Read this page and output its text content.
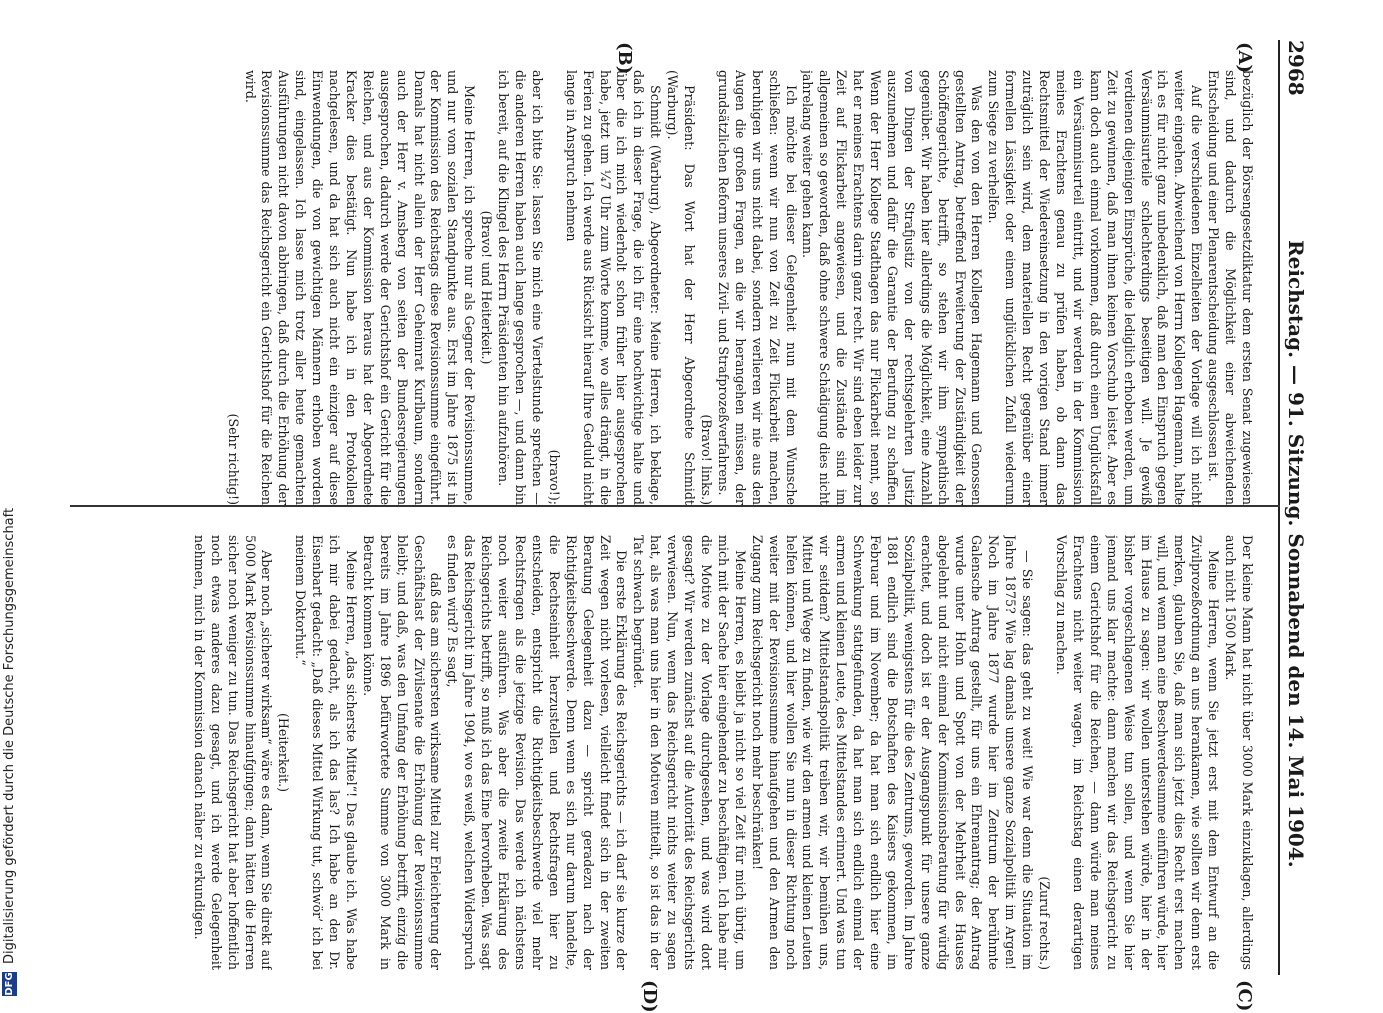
DFG
Digitalisierung gefördert durch die Deutsche Forschungsgemeinschaft
2968
Reichstag. — 91. Sitzung. Sonnabend den 14. Mai 1904.
(A)
(B)
(C)
(D)

bezüglich der Börsengesetzdiktatur dem ersten Senat zugewiesen sind, und dadurch die Möglichkeit einer abweichenden Entscheidung und einer Plenarentscheidung ausgeschlossen ist.

Auf die verschiedenen Einzelheiten der Vorlage will ich nicht weiter eingehen. Abweichend von Herrn Kollegen Hagemann, halte ich es für nicht ganz unbedenklich, daß man den Einspruch gegen Versäumnisurteile schlechterdings beseitigen will. Je gewiß verdienen diejenigen Einsprüche, die lediglich erhoben werden, um Zeit zu gewinnen, daß man ihnen keinen Vorschub leistet. Aber es kann doch auch einmal vorkommen, daß durch einen Unglücksfall ein Versäumnisurteil eintritt, und wir werden in der Kommission meines Erachtens genau zu prüfen haben, ob dann das Rechtsmittel der Wiedereinsetzung in den vorigen Stand immer zuträglich sein wird, dem materiellen Recht gegenüber einer formellen Lässigkeit oder einem unglücklichen Zufall wiederum zum Siege zu verhelfen.

Was den von den Herren Kollegen Hagemann und Genossen gestellten Antrag, betreffend Erweiterung der Zuständigkeit der Schöffengerichte, betrifft, so stehen wir ihm sympathisch gegenüber. Wir haben hier allerdings die Möglichkeit, eine Anzahl von Dingen der Strafjustiz von der rechtsgelehrten Justiz auszunehmen und dafür die Garantie der Berufung zu schaffen. Wenn der Herr Kollege Stadthagen das nur Flickarbeit nennt, so hat er meines Erachtens darin ganz recht. Wir sind eben leider zur Zeit auf Flickarbeit angewiesen, und die Zustände sind im allgemeinen so geworden, daß ohne schwere Schädigung dies nicht jahrelang weiter gehen kann.

Ich möchte bei dieser Gelegenheit nun mit dem Wunsche schließen: wenn wir nun von Zeit zu Zeit Flickarbeit machen, beruhigen wir uns nicht dabei, sondern verlieren wir nie aus den Augen die großen Fragen, an die wir herangehen müssen, der grundsätzlichen Reform unseres Zivil- und Strafprozeßverfahrens.

(Bravo! links.)

Präsident: Das Wort hat der Herr Abgeordnete Schmidt (Warburg).

Schmidt (Warburg), Abgeordneter: Meine Herren, ich beklage, daß ich in dieser Frage, die ich für eine hochwichtige halte und über die ich mich wiederholt schon früher hier ausgesprochen habe, jetzt um ¼7 Uhr zum Worte komme, wo alles drängt, in die Ferien zu gehen. Ich werde aus Rücksicht hierauf Ihre Geduld nicht lange in Anspruch nehmen

(bravo!);

aber ich bitte Sie: lassen Sie mich eine Viertelstunde sprechen — die anderen Herren haben auch lange gesprochen —, und dann bin ich bereit, auf die Klingel des Herrn Präsidenten hin aufzuhören.

(Bravo! und Heiterkeit.)

Meine Herren, ich spreche nur als Gegner der Revisionssumme, und nur vom sozialen Standpunkte aus. Erst im Jahre 1875 ist in der Kommission des Reichstags diese Revisionssumme eingeführt. Damals hat nicht allein der Herr Geheimrat Kurlbaum, sondern auch der Herr v. Amsberg von seiten der Bundesregierungen ausgesprochen, dadurch werde der Gerichtshof ein Gericht für die Reichen, und aus der Kommission heraus hat der Abgeordnete Kracker dies bestätigt. Nun habe ich in den Protokollen nachgelesen, und da hat sich auch nicht ein einziger auf diese Einwendungen, die von gewichtigen Männern erhoben worden sind, eingelassen. Ich lasse mich trotz aller heute gemachten Ausführungen nicht davon abbringen, daß durch die Erhöhung der Revisionssumme das Reichsgericht ein Gerichtshof für die Reichen wird.

(Sehr richtig!)

Der kleine Mann hat nicht über 3000 Mark einzuklagen, allerdings auch nicht 1500 Mark.

Meine Herren, wenn Sie jetzt erst mit dem Entwurf an die Zivilprozeßordnung an uns herankamen, wie sollten wir denn erst merken, glauben Sie, daß man sich jetzt dies Recht erst machen will, und wenn man eine Beschwerdesumme einführen würde, hier im Hause zu sagen: wir wollen unterstehen würde, hier in der bisher vorgeschlagenen Weise tun sollen, und wenn Sie hier jemand uns klar machte: dann machen wir das Reichsgericht zu einem Gerichtshof für die Reichen, — dann würde man meines Erachtens nicht weiter wagen, im Reichstag einen derartigen Vorschlag zu machen.

(Zuruf rechts.)

— Sie sagen: das geht zu weit! Wie war denn die Situation im Jahre 1875? Wie lag damals unsere ganze Sozialpolitik im Argen! Noch im Jahre 1877 wurde hier im Zentrum der berühmte Galensche Antrag gestellt, für uns ein Ehrenantrag; der Antrag wurde unter Hohn und Spott von der Mehrheit des Hauses abgelehnt und nicht einmal der Kommissionsberatung für würdig erachtet, und doch ist er der Ausgangspunkt für unsere ganze Sozialpolitik, wenigstens für die des Zentrums, geworden. Im Jahre 1881 endlich sind die Botschaften des Kaisers gekommen, im Februar und im November; da hat man sich endlich hier eine Schwenkung stattgefunden, da hat man sich endlich einmal der armen und kleinen Leute, des Mittelstandes erinnert. Und was tun wir seitdem? Mittelstandspolitik treiben wir, wir bemühen uns, Mittel und Wege zu finden, wie wir den armen und kleinen Leuten helfen können, und hier wollen Sie nun in dieser Richtung noch weiter mit der Revisionssumme hinaufgehen und den Armen den Zugang zum Reichsgericht noch mehr beschränken!

Meine Herren, es bleibt ja nicht so viel Zeit für mich übrig, um mich mit der Sache hier eingehender zu beschäftigen. Ich habe mir die Motive zu der Vorlage durchgesehen, und was wird dort gesagt? Wir werden zunächst auf die Autorität des Reichsgerichts verwiesen. Nun, wenn das Reichsgericht nichts weiter zu sagen hat, als was man uns hier in den Motiven mitteilt, so ist das in der Tat schwach begründet.

Die erste Erklärung des Reichsgerichts — ich darf sie kurze der Zeit wegen nicht vorlesen, vielleicht findet sich in der zweiten Beratung Gelegenheit dazu — spricht geradezu nach der Richtigkeitsbeschwerde. Denn wenn es sich nur darum handelte, die Rechtseinheit herzustellen und Rechtsfragen hier zu entscheiden, entspricht die Richtigkeitsbeschwerde viel mehr Rechtsfragen als die jetzige Revision. Das werde ich nächstens noch weiter ausführen. Was aber die zweite Erklärung des Reichsgerichts betrifft, so muß ich das Eine hervorheben. Was sagt das Reichsgericht im Jahre 1904, wo es weiß, welchen Widerspruch es finden wird? Es sagt,

daß das am sichersten wirksame Mittel zur Erleichterung der Geschäftslast der Zivilsenate die Erhöhung der Revisionssumme bleibt; und daß, was den Umfang der Erhöhung betrifft, einzig die bereits im Jahre 1896 befürwortete Summe von 3000 Mark in Betracht kommen könne.

Meine Herren, „das sicherste Mittel“! Das glaube ich. Was habe ich mir dabei gedacht, als ich das las? Ich habe an den Dr. Eisenbart gedacht: „Daß dieses Mittel Wirkung tut, schwör’ ich bei meinem Doktorhut.“

(Heiterkeit.)

Aber noch „sicherer wirksam“ wäre es dann, wenn Sie direkt auf 5000 Mark Revisionssumme hinaufgingen; dann hätten die Herren sicher noch weniger zu tun. Das Reichsgericht hat aber hoffentlich noch etwas anderes dazu gesagt, und ich werde Gelegenheit nehmen, mich in der Kommission danach näher zu erkundigen.
